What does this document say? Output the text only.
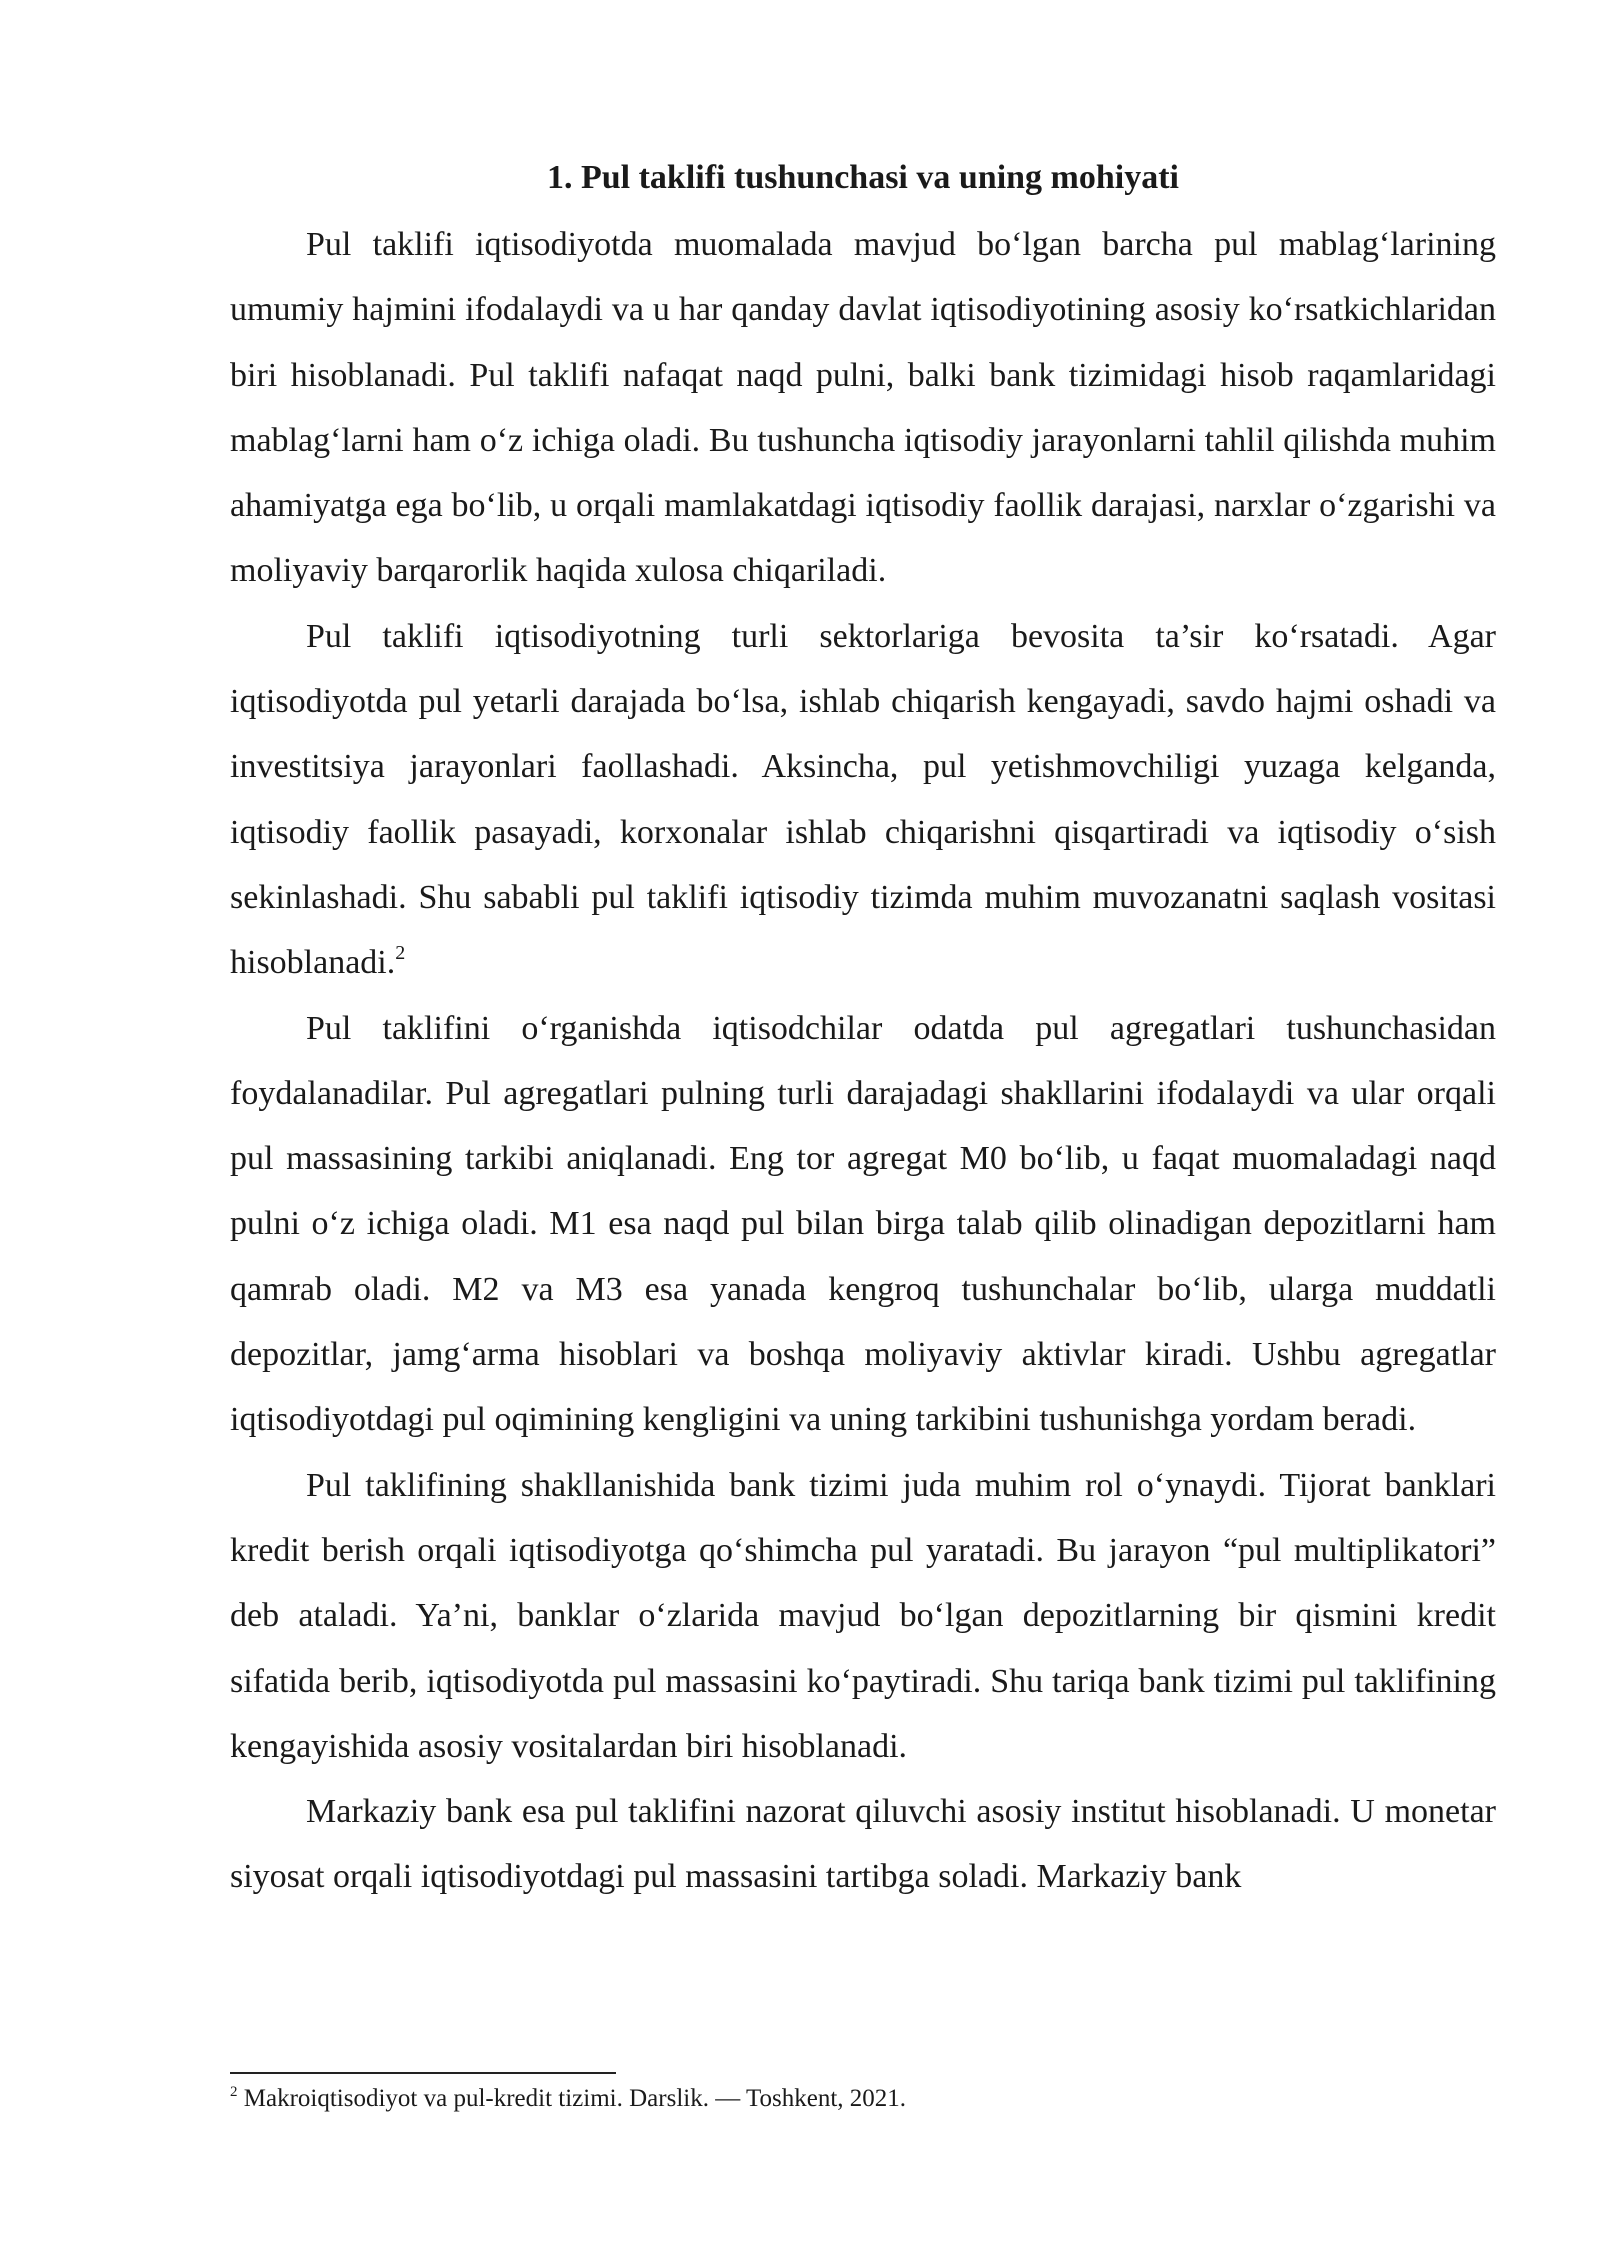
1. Pul taklifi tushunchasi va uning mohiyati

Pul taklifi iqtisodiyotda muomalada mavjud bo‘lgan barcha pul mablag‘larining umumiy hajmini ifodalaydi va u har qanday davlat iqtisodiyotining asosiy ko‘rsatkichlaridan biri hisoblanadi. Pul taklifi nafaqat naqd pulni, balki bank tizimidagi hisob raqamlaridagi mablag‘larni ham o‘z ichiga oladi. Bu tushuncha iqtisodiy jarayonlarni tahlil qilishda muhim ahamiyatga ega bo‘lib, u orqali mamlakatdagi iqtisodiy faollik darajasi, narxlar o‘zgarishi va moliyaviy barqarorlik haqida xulosa chiqariladi.

Pul taklifi iqtisodiyotning turli sektorlariga bevosita ta’sir ko‘rsatadi. Agar iqtisodiyotda pul yetarli darajada bo‘lsa, ishlab chiqarish kengayadi, savdo hajmi oshadi va investitsiya jarayonlari faollashadi. Aksincha, pul yetishmovchiligi yuzaga kelganda, iqtisodiy faollik pasayadi, korxonalar ishlab chiqarishni qisqartiradi va iqtisodiy o‘sish sekinlashadi. Shu sababli pul taklifi iqtisodiy tizimda muhim muvozanatni saqlash vositasi hisoblanadi.$^2$

Pul taklifini o‘rganishda iqtisodchilar odatda pul agregatlari tushunchasidan foydalanadilar. Pul agregatlari pulning turli darajadagi shakllarini ifodalaydi va ular orqali pul massasining tarkibi aniqlanadi. Eng tor agregat M0 bo‘lib, u faqat muomaladagi naqd pulni o‘z ichiga oladi. M1 esa naqd pul bilan birga talab qilib olinadigan depozitlarni ham qamrab oladi. M2 va M3 esa yanada kengroq tushunchalar bo‘lib, ularga muddatli depozitlar, jamg‘arma hisoblari va boshqa moliyaviy aktivlar kiradi. Ushbu agregatlar iqtisodiyotdagi pul oqimining kengligini va uning tarkibini tushunishga yordam beradi.

Pul taklifining shakllanishida bank tizimi juda muhim rol o‘ynaydi. Tijorat banklari kredit berish orqali iqtisodiyotga qo‘shimcha pul yaratadi. Bu jarayon “pul multiplikatori” deb ataladi. Ya’ni, banklar o‘zlarida mavjud bo‘lgan depozitlarning bir qismini kredit sifatida berib, iqtisodiyotda pul massasini ko‘paytiradi. Shu tariqa bank tizimi pul taklifining kengayishida asosiy vositalardan biri hisoblanadi.

Markaziy bank esa pul taklifini nazorat qiluvchi asosiy institut hisoblanadi. U monetar siyosat orqali iqtisodiyotdagi pul massasini tartibga soladi. Markaziy bank

$^2$ Makroiqtisodiyot va pul-kredit tizimi. Darslik. — Toshkent, 2021.
